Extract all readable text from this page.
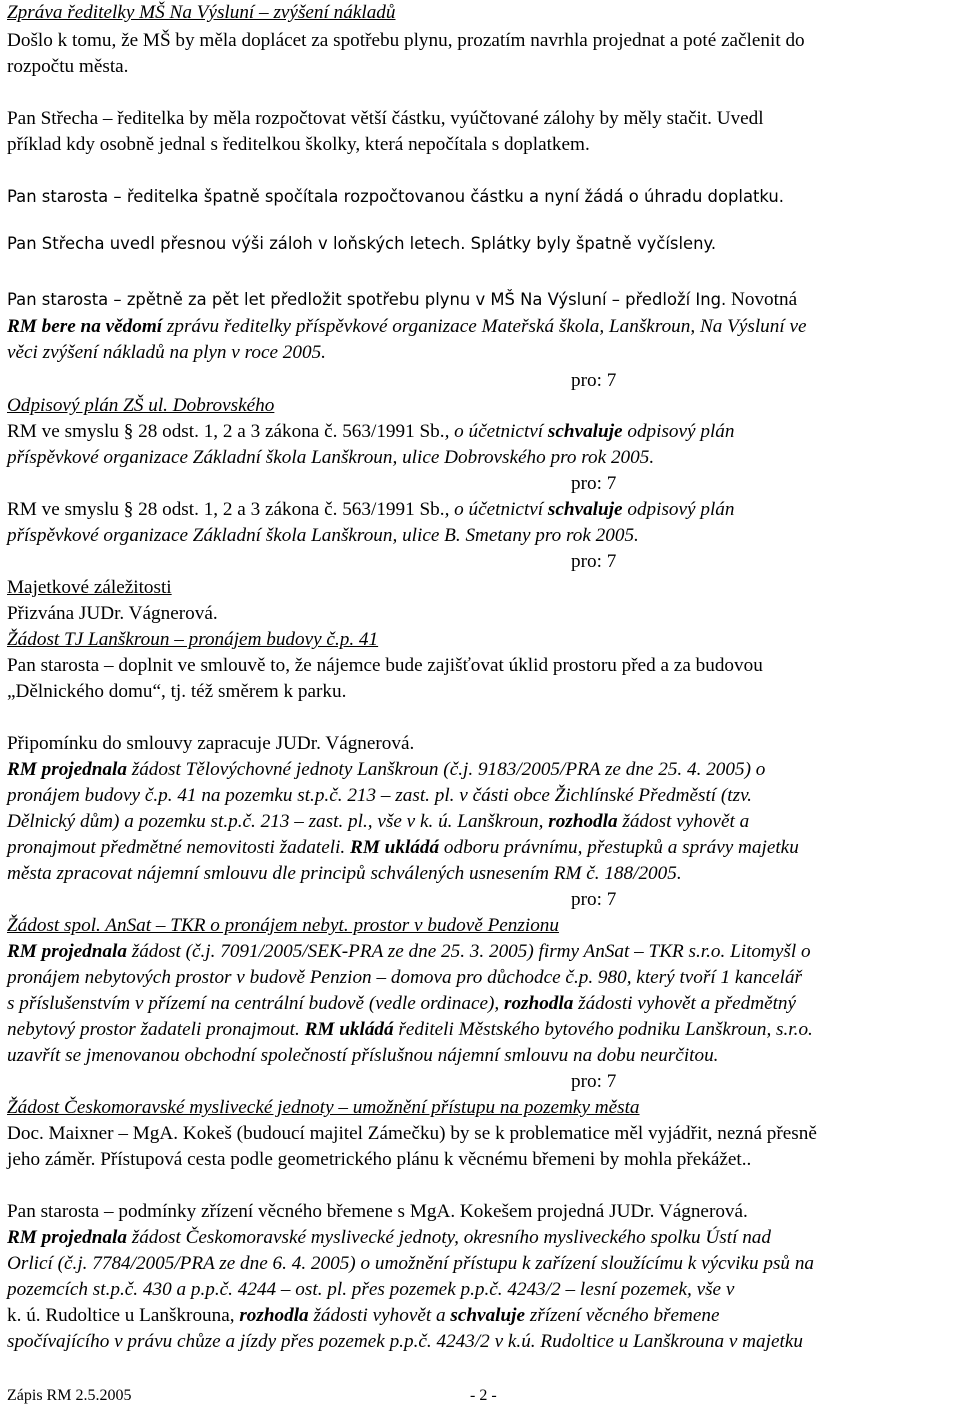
Zpráva ředitelky MŠ Na Výsluní – zvýšení nákladů
Došlo k tomu, že MŠ by měla doplácet za spotřebu plynu, prozatím navrhla projednat a poté začlenit do
rozpočtu města.
Pan Střecha – ředitelka by měla rozpočtovat větší částku, vyúčtované zálohy by měly stačit. Uvedl
příklad kdy osobně jednal s ředitelkou školky, která nepočítala s doplatkem.
Pan starosta – ředitelka špatně spočítala rozpočtovanou částku a nyní žádá o úhradu doplatku.
Pan Střecha uvedl přesnou výši záloh v loňských letech. Splátky byly špatně vyčísleny.
Pan starosta – zpětně za pět let předložit spotřebu plynu v MŠ Na Výsluní – předloží Ing. Novotná
RM bere na vědomí zprávu ředitelky příspěvkové organizace Mateřská škola, Lanškroun, Na Výsluní ve
věci zvýšení nákladů na plyn v roce 2005.
pro: 7
Odpisový plán ZŠ ul. Dobrovského
RM ve smyslu § 28 odst. 1, 2 a 3 zákona č. 563/1991 Sb., o účetnictví schvaluje odpisový plán
příspěvkové organizace Základní škola Lanškroun, ulice Dobrovského pro rok 2005.
pro: 7
RM ve smyslu § 28 odst. 1, 2 a 3 zákona č. 563/1991 Sb., o účetnictví schvaluje odpisový plán
příspěvkové organizace Základní škola Lanškroun, ulice B. Smetany pro rok 2005.
pro: 7
Majetkové záležitosti
Přizvána JUDr. Vágnerová.
Žádost TJ Lanškroun – pronájem budovy č.p. 41
Pan starosta – doplnit ve smlouvě to, že nájemce bude zajišťovat úklid prostoru před a za budovou
„Dělnického domu“, tj. též směrem k parku.
Připomínku do smlouvy zapracuje JUDr. Vágnerová.
RM projednala žádost Tělovýchovné jednoty Lanškroun (č.j. 9183/2005/PRA ze dne 25. 4. 2005) o
pronájem budovy č.p. 41 na pozemku st.p.č. 213 – zast. pl. v části obce Žichlínské Předměstí (tzv.
Dělnický dům) a pozemku st.p.č. 213 – zast. pl., vše v k. ú. Lanškroun, rozhodla žádost vyhovět a
pronajmout předmětné nemovitosti žadateli. RM ukládá odboru právnímu, přestupků a správy majetku
města zpracovat nájemní smlouvu dle principů schválených usnesením RM č. 188/2005.
pro: 7
Žádost spol. AnSat – TKR o pronájem nebyt. prostor v budově Penzionu
RM projednala žádost (č.j. 7091/2005/SEK-PRA ze dne 25. 3. 2005) firmy AnSat – TKR s.r.o. Litomyšl o
pronájem nebytových prostor v budově Penzion – domova pro důchodce č.p. 980, který tvoří 1 kancelář
s příslušenstvím v přízemí na centrální budově (vedle ordinace), rozhodla žádosti vyhovět a předmětný
nebytový prostor žadateli pronajmout. RM ukládá řediteli Městského bytového podniku Lanškroun, s.r.o.
uzavřít se jmenovanou obchodní společností příslušnou nájemní smlouvu na dobu neurčitou.
pro: 7
Žádost Českomoravské myslivecké jednoty – umožnění přístupu na pozemky města
Doc. Maixner – MgA. Kokeš (budoucí majitel Zámečku) by se k problematice měl vyjádřit, nezná přesně
jeho záměr. Přístupová cesta podle geometrického plánu k věcnému břemeni by mohla překážet..
Pan starosta – podmínky zřízení věcného břemene s MgA. Kokešem projedná JUDr. Vágnerová.
RM projednala žádost Českomoravské myslivecké jednoty, okresního mysliveckého spolku Ústí nad
Orlicí (č.j. 7784/2005/PRA ze dne 6. 4. 2005) o umožnění přístupu k zařízení sloužícímu k výcviku psů na
pozemcích st.p.č. 430 a p.p.č. 4244 – ost. pl. přes pozemek p.p.č. 4243/2 – lesní pozemek, vše v
k. ú. Rudoltice u Lanškrouna, rozhodla žádosti vyhovět a schvaluje zřízení věcného břemene
spočívajícího v právu chůze a jízdy přes pozemek p.p.č. 4243/2 v k.ú. Rudoltice u Lanškrouna v majetku
Zápis RM 2.5.2005	- 2 -
